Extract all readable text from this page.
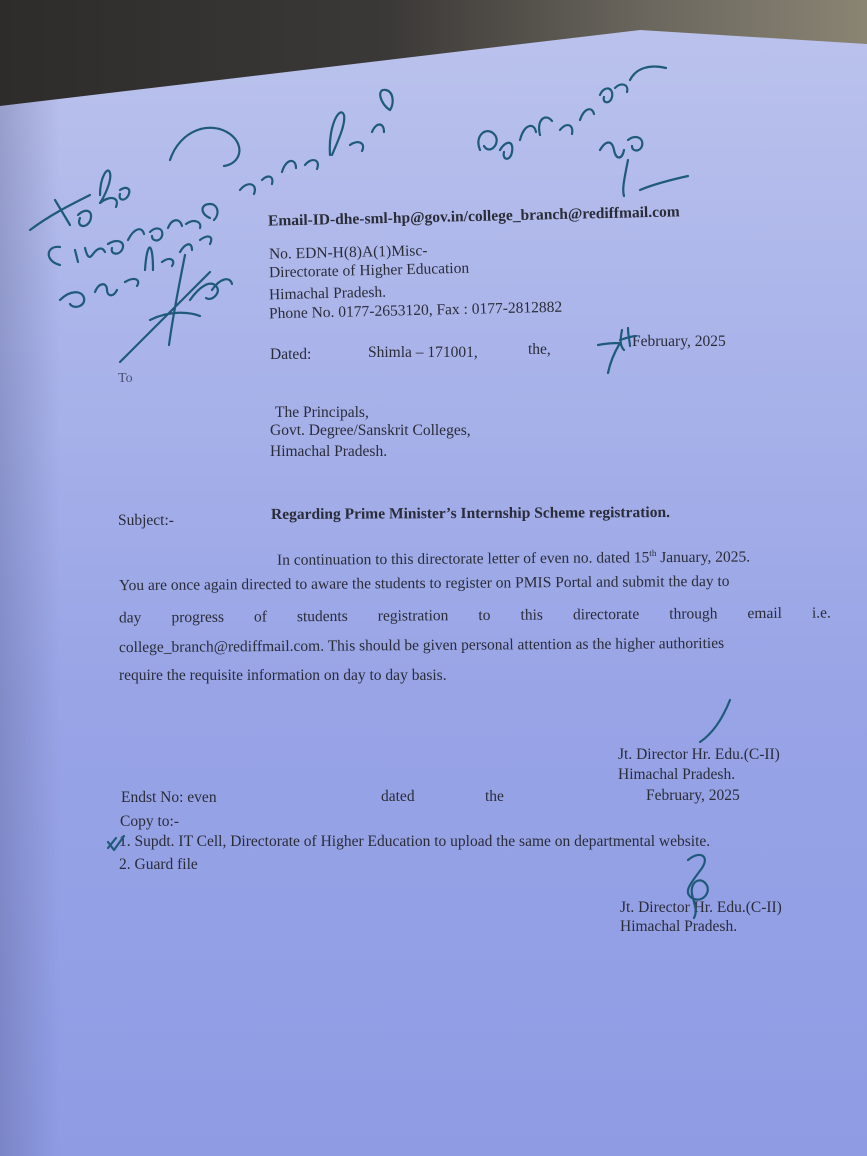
Email-ID-dhe-sml-hp@gov.in/college_branch@rediffmail.com
No. EDN-H(8)A(1)Misc-
Directorate of Higher Education
Himachal Pradesh.
Phone No. 0177-2653120, Fax : 0177-2812882
Dated:	Shimla – 171001,	the,	February, 2025
To
The Principals,
Govt. Degree/Sanskrit Colleges,
Himachal Pradesh.
Subject:-	Regarding Prime Minister’s Internship Scheme registration.
In continuation to this directorate letter of even no. dated 15th January, 2025.
You are once again directed to aware the students to register on PMIS Portal and submit the day to
day progress of students registration to this directorate through email i.e.
college_branch@rediffmail.com. This should be given personal attention as the higher authorities
require the requisite information on day to day basis.
Jt. Director Hr. Edu.(C-II)
Himachal Pradesh.
Endst No: even	dated	the	February, 2025
Copy to:-
1. Supdt. IT Cell, Directorate of Higher Education to upload the same on departmental website.
2. Guard file
Jt. Director Hr. Edu.(C-II)
Himachal Pradesh.
